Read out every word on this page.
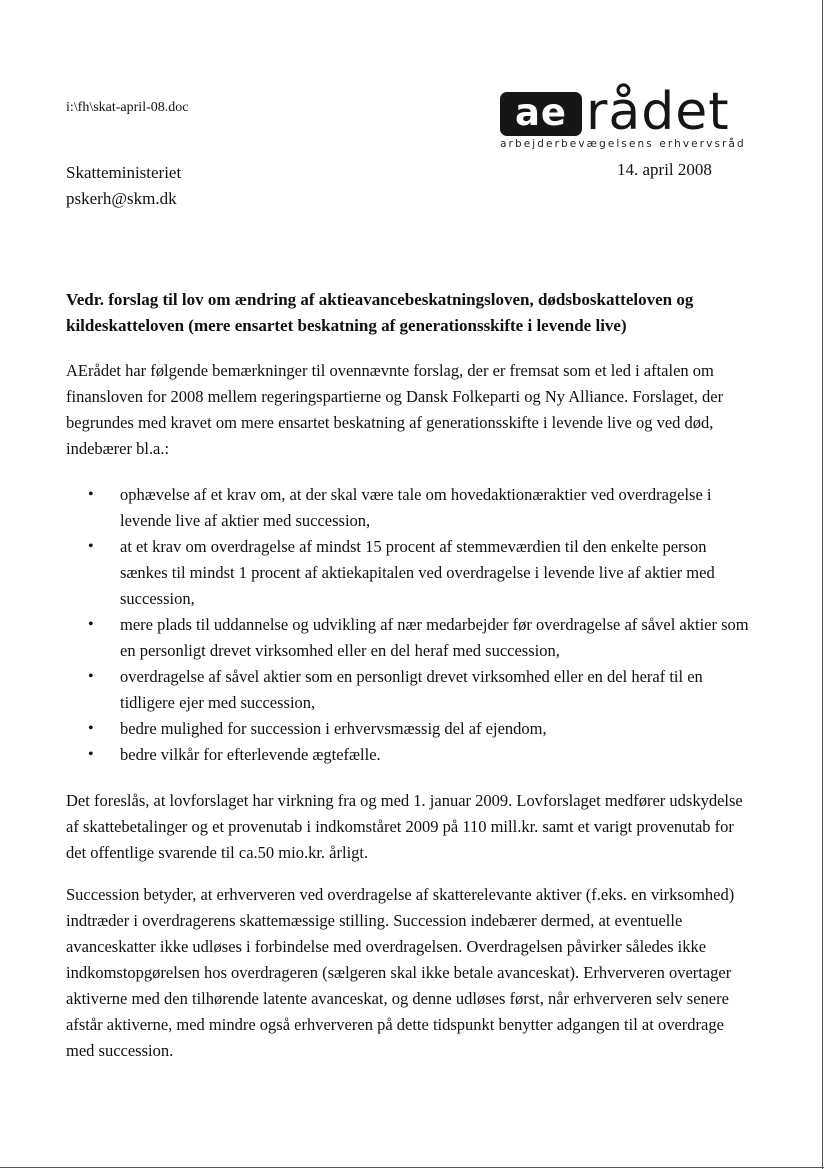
i:\fh\skat-april-08.doc	ae rådet
arbejderbevægelsens erhvervsråd
Skatteministeriet
pskerh@skm.dk
14. april 2008
Vedr. forslag til lov om ændring af aktieavancebeskatningsloven, dødsboskatteloven og kildeskatteloven (mere ensartet beskatning af generationsskifte i levende live)
AErådet har følgende bemærkninger til ovennævnte forslag, der er fremsat som et led i aftalen om finansloven for 2008 mellem regeringspartierne og Dansk Folkeparti og Ny Alliance. Forslaget, der begrundes med kravet om mere ensartet beskatning af generationsskifte i levende live og ved død, indebærer bl.a.:
• ophævelse af et krav om, at der skal være tale om hovedaktionæraktier ved overdragelse i levende live af aktier med succession,
• at et krav om overdragelse af mindst 15 procent af stemmeværdien til den enkelte person sænkes til mindst 1 procent af aktiekapitalen ved overdragelse i levende live af aktier med succession,
• mere plads til uddannelse og udvikling af nær medarbejder før overdragelse af såvel aktier som en personligt drevet virksomhed eller en del heraf med succession,
• overdragelse af såvel aktier som en personligt drevet virksomhed eller en del heraf til en tidligere ejer med succession,
• bedre mulighed for succession i erhvervsmæssig del af ejendom,
• bedre vilkår for efterlevende ægtefælle.
Det foreslås, at lovforslaget har virkning fra og med 1. januar 2009. Lovforslaget medfører udskydelse af skattebetalinger og et provenutab i indkomståret 2009 på 110 mill.kr. samt et varigt provenutab for det offentlige svarende til ca.50 mio.kr. årligt.
Succession betyder, at erhververen ved overdragelse af skatterelevante aktiver (f.eks. en virksomhed) indtræder i overdragerens skattemæssige stilling. Succession indebærer dermed, at eventuelle avanceskatter ikke udløses i forbindelse med overdragelsen. Overdragelsen påvirker således ikke indkomstopgørelsen hos overdrageren (sælgeren skal ikke betale avanceskat). Erhververen overtager aktiverne med den tilhørende latente avanceskat, og denne udløses først, når erhververen selv senere afstår aktiverne, med mindre også erhververen på dette tidspunkt benytter adgangen til at overdrage med succession.
